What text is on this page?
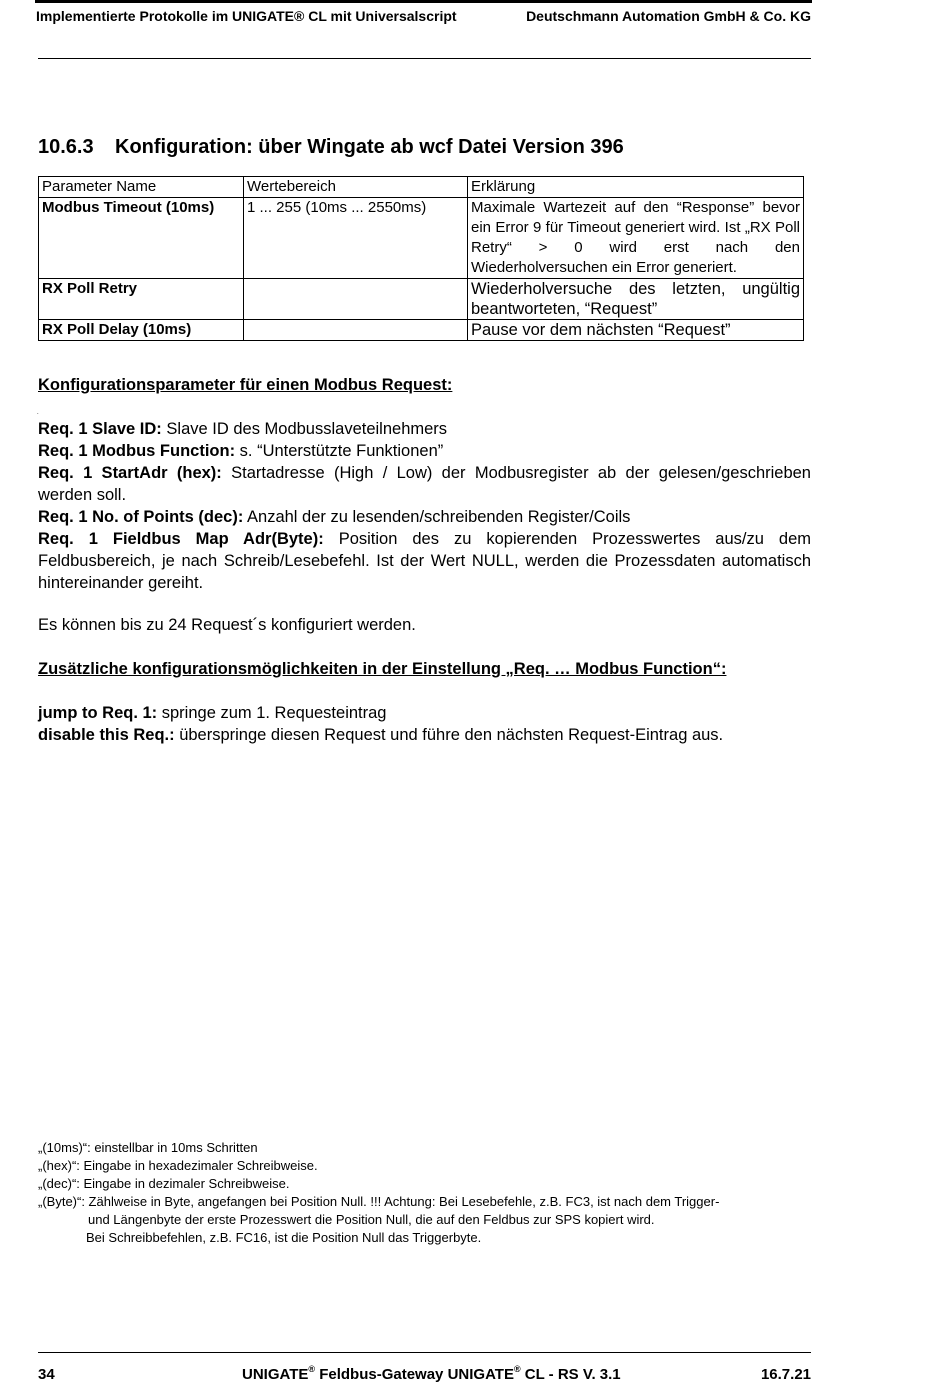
Implementierte Protokolle im UNIGATE® CL mit Universalscript	Deutschmann Automation GmbH & Co. KG
10.6.3 Konfiguration: über Wingate ab wcf Datei Version 396
Parameter Name	Wertebereich	Erklärung
Modbus Timeout (10ms)	1 ... 255 (10ms ... 2550ms)	Maximale Wartezeit auf den “Response” bevor ein Error 9 für Timeout generiert wird. Ist „RX Poll Retry“ > 0 wird erst nach den Wiederholversuchen ein Error generiert.
RX Poll Retry		Wiederholversuche des letzten, ungültig beantworteten, “Request”
RX Poll Delay (10ms)		Pause vor dem nächsten “Request”
Konfigurationsparameter für einen Modbus Request:
.

Req. 1 Slave ID: Slave ID des Modbusslaveteilnehmers

Req. 1 Modbus Function: s. “Unterstützte Funktionen”

Req. 1 StartAdr (hex): Startadresse (High / Low) der Modbusregister ab der gelesen/geschrieben werden soll.

Req. 1 No. of Points (dec): Anzahl der zu lesenden/schreibenden Register/Coils

Req. 1 Fieldbus Map Adr(Byte): Position des zu kopierenden Prozesswertes aus/zu dem Feldbusbereich, je nach Schreib/Lesebefehl. Ist der Wert NULL, werden die Prozessdaten automatisch hintereinander gereiht.

Es können bis zu 24 Request´s konfiguriert werden.

Zusätzliche konfigurationsmöglichkeiten in der Einstellung „Req. … Modbus Function“:

jump to Req. 1: springe zum 1. Requesteintrag

disable this Req.: überspringe diesen Request und führe den nächsten Request-Eintrag aus.

„(10ms)“: einstellbar in 10ms Schritten

„(hex)“: Eingabe in hexadezimaler Schreibweise.

„(dec)“: Eingabe in dezimaler Schreibweise.

„(Byte)“: Zählweise in Byte, angefangen bei Position Null. !!! Achtung: Bei Lesebefehle, z.B. FC3, ist nach dem Trigger-

und Längenbyte der erste Prozesswert die Position Null, die auf den Feldbus zur SPS kopiert wird.

Bei Schreibbefehlen, z.B. FC16, ist die Position Null das Triggerbyte.

34	UNIGATE® Feldbus-Gateway UNIGATE® CL - RS V. 3.1	16.7.21
